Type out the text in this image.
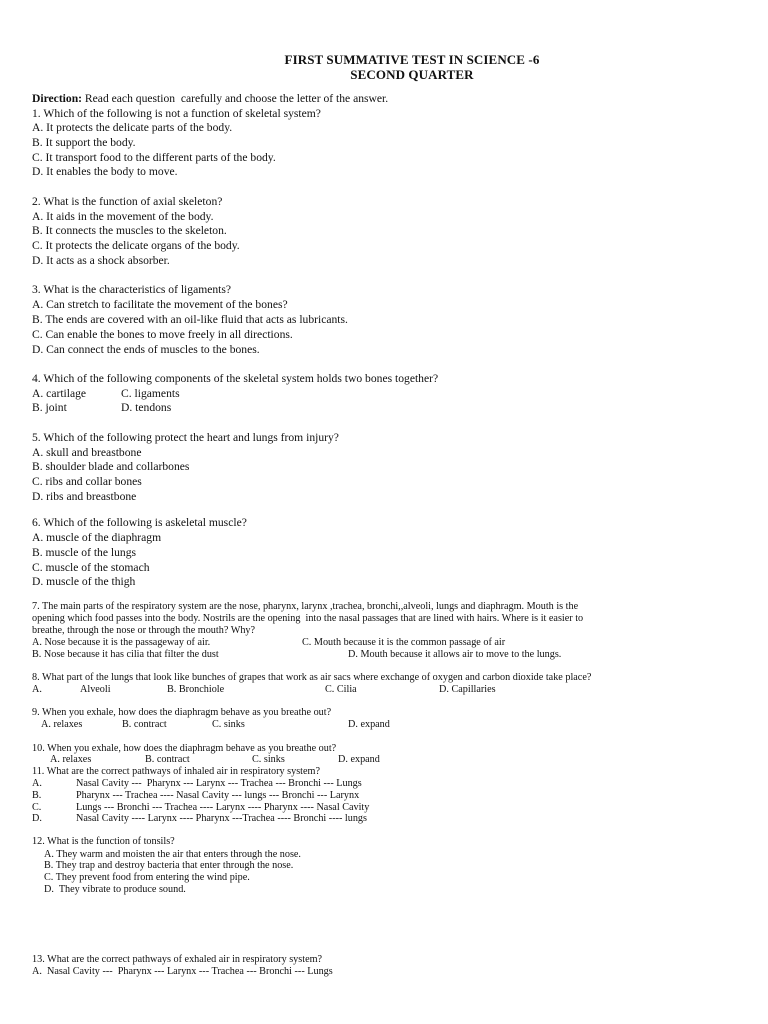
FIRST SUMMATIVE TEST IN SCIENCE -6
SECOND QUARTER
Direction: Read each question  carefully and choose the letter of the answer.
1. Which of the following is not a function of skeletal system?
A. It protects the delicate parts of the body.
B. It support the body.
C. It transport food to the different parts of the body.
D. It enables the body to move.
2. What is the function of axial skeleton?
A. It aids in the movement of the body.
B. It connects the muscles to the skeleton.
C. It protects the delicate organs of the body.
D. It acts as a shock absorber.
3. What is the characteristics of ligaments?
A. Can stretch to facilitate the movement of the bones?
B. The ends are covered with an oil-like fluid that acts as lubricants.
C. Can enable the bones to move freely in all directions.
D. Can connect the ends of muscles to the bones.
4. Which of the following components of the skeletal system holds two bones together?
A. cartilage	C. ligaments
B. joint	D. tendons
5. Which of the following protect the heart and lungs from injury?
A. skull and breastbone
B. shoulder blade and collarbones
C. ribs and collar bones
D. ribs and breastbone
6. Which of the following is askeletal muscle?
A. muscle of the diaphragm
B. muscle of the lungs
C. muscle of the stomach
D. muscle of the thigh
7. The main parts of the respiratory system are the nose, pharynx, larynx ,trachea, bronchi,,alveoli, lungs and diaphragm. Mouth is the
opening which food passes into the body. Nostrils are the opening  into the nasal passages that are lined with hairs. Where is it easier to
breathe, through the nose or through the mouth? Why?
A. Nose because it is the passageway of air.	C. Mouth because it is the common passage of air
B. Nose because it has cilia that filter the dust	D. Mouth because it allows air to move to the lungs.
8. What part of the lungs that look like bunches of grapes that work as air sacs where exchange of oxygen and carbon dioxide take place?
A.	Alveoli	B. Bronchiole	C. Cilia	D. Capillaries
9. When you exhale, how does the diaphragm behave as you breathe out?
A. relaxes	B. contract	C. sinks	D. expand
10. When you exhale, how does the diaphragm behave as you breathe out?
A. relaxes	B. contract	C. sinks	D. expand
11. What are the correct pathways of inhaled air in respiratory system?
A.	Nasal Cavity ---  Pharynx --- Larynx --- Trachea --- Bronchi --- Lungs
B.	Pharynx --- Trachea ---- Nasal Cavity --- lungs --- Bronchi --- Larynx
C.	Lungs --- Bronchi --- Trachea ---- Larynx ---- Pharynx ---- Nasal Cavity
D.	Nasal Cavity ---- Larynx ---- Pharynx ---Trachea ---- Bronchi ---- lungs
12. What is the function of tonsils?
A. They warm and moisten the air that enters through the nose.
B. They trap and destroy bacteria that enter through the nose.
C. They prevent food from entering the wind pipe.
D.  They vibrate to produce sound.
13. What are the correct pathways of exhaled air in respiratory system?
A.  Nasal Cavity ---  Pharynx --- Larynx --- Trachea --- Bronchi --- Lungs
